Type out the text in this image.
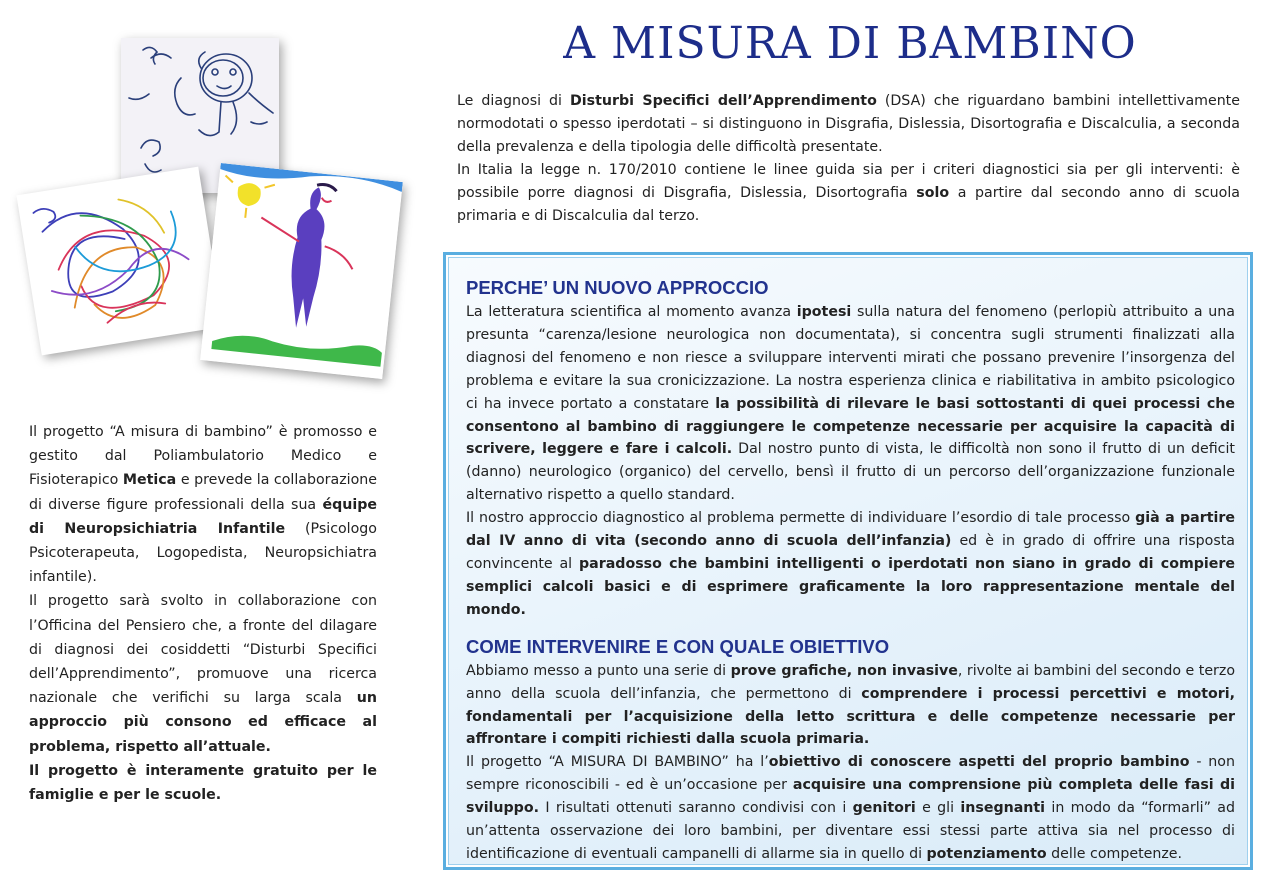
Il progetto “A misura di bambino” è promosso e gestito dal Poliambulatorio Medico e Fisioterapico Metica e prevede la collaborazione di diverse figure professionali della sua équipe di Neuropsichiatria Infantile (Psicologo Psicoterapeuta, Logopedista, Neuropsichiatra infantile).

Il progetto sarà svolto in collaborazione con l’Officina del Pensiero che, a fronte del dilagare di diagnosi dei cosiddetti “Disturbi Specifici dell’Apprendimento”, promuove una ricerca nazionale che verifichi su larga scala un approccio più consono ed efficace al problema, rispetto all’attuale.

Il progetto è interamente gratuito per le famiglie e per le scuole.

A MISURA DI BAMBINO

Le diagnosi di Disturbi Specifici dell’Apprendimento (DSA) che riguardano bambini intellettivamente normodotati o spesso iperdotati – si distinguono in Disgrafia, Dislessia, Disortografia e Discalculia, a seconda della prevalenza e della tipologia delle difficoltà presentate.

In Italia la legge n. 170/2010 contiene le linee guida sia per i criteri diagnostici sia per gli interventi: è possibile porre diagnosi di Disgrafia, Dislessia, Disortografia solo a partire dal secondo anno di scuola primaria e di Discalculia dal terzo.

PERCHE’ UN NUOVO APPROCCIO

La letteratura scientifica al momento avanza ipotesi sulla natura del fenomeno (perlopiù attribuito a una presunta “carenza/lesione neurologica non documentata), si concentra sugli strumenti finalizzati alla diagnosi del fenomeno e non riesce a sviluppare interventi mirati che possano prevenire l’insorgenza del problema e evitare la sua cronicizzazione. La nostra esperienza clinica e riabilitativa in ambito psicologico ci ha invece portato a constatare la possibilità di rilevare le basi sottostanti di quei processi che consentono al bambino di raggiungere le competenze necessarie per acquisire la capacità di scrivere, leggere e fare i calcoli. Dal nostro punto di vista, le difficoltà non sono il frutto di un deficit (danno) neurologico (organico) del cervello, bensì il frutto di un percorso dell’organizzazione funzionale alternativo rispetto a quello standard.

Il nostro approccio diagnostico al problema permette di individuare l’esordio di tale processo già a partire dal IV anno di vita (secondo anno di scuola dell’infanzia) ed è in grado di offrire una risposta convincente al paradosso che bambini intelligenti o iperdotati non siano in grado di compiere semplici calcoli basici e di esprimere graficamente la loro rappresentazione mentale del mondo.

COME INTERVENIRE E CON QUALE OBIETTIVO

Abbiamo messo a punto una serie di prove grafiche, non invasive, rivolte ai bambini del secondo e terzo anno della scuola dell’infanzia, che permettono di comprendere i processi percettivi e motori, fondamentali per l’acquisizione della letto scrittura e delle competenze necessarie per affrontare i compiti richiesti dalla scuola primaria.

Il progetto “A MISURA DI BAMBINO” ha l’obiettivo di conoscere aspetti del proprio bambino - non sempre riconoscibili - ed è un’occasione per acquisire una comprensione più completa delle fasi di sviluppo. I risultati ottenuti saranno condivisi con i genitori e gli insegnanti in modo da “formarli” ad un’attenta osservazione dei loro bambini, per diventare essi stessi parte attiva sia nel processo di identificazione di eventuali campanelli di allarme sia in quello di potenziamento delle competenze.
